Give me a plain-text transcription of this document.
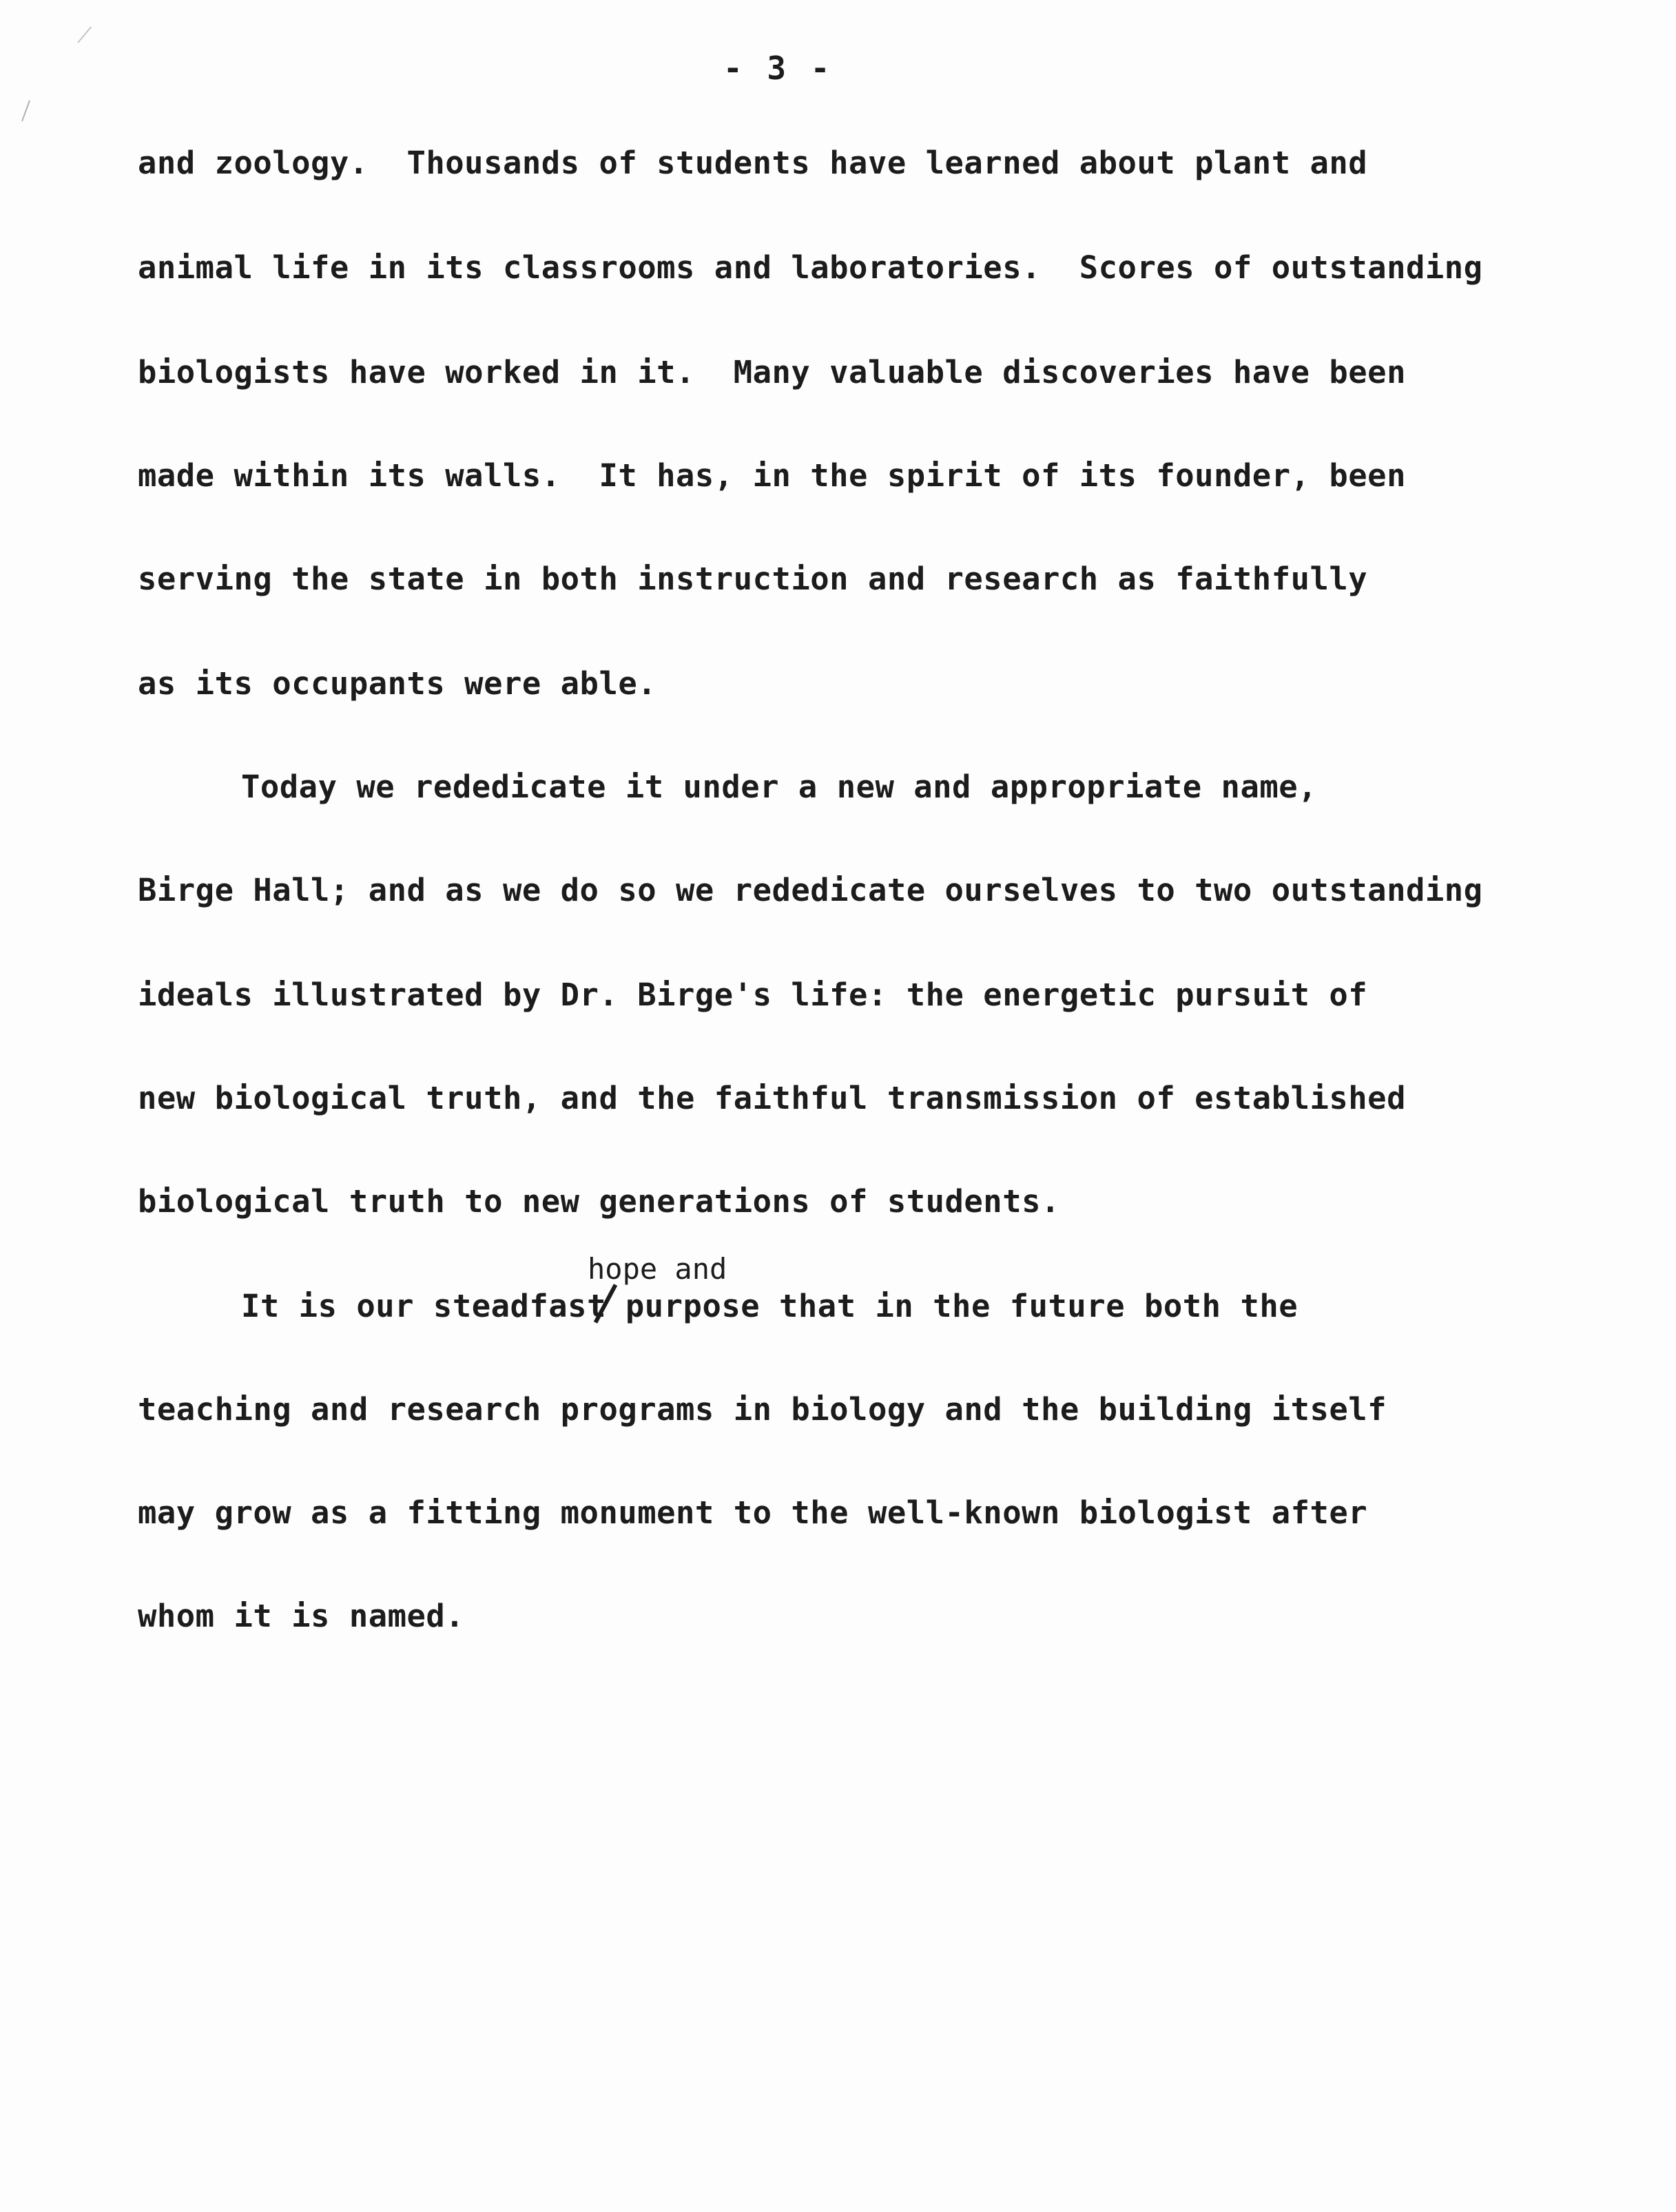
- 3 -
and zoology.  Thousands of students have learned about plant and
animal life in its classrooms and laboratories.  Scores of outstanding
biologists have worked in it.  Many valuable discoveries have been
made within its walls.  It has, in the spirit of its founder, been
serving the state in both instruction and research as faithfully
as its occupants were able.
Today we rededicate it under a new and appropriate name,
Birge Hall; and as we do so we rededicate ourselves to two outstanding
ideals illustrated by Dr. Birge's life: the energetic pursuit of
new biological truth, and the faithful transmission of established
biological truth to new generations of students.
hope and
It is our steadfast purpose that in the future both the
teaching and research programs in biology and the building itself
may grow as a fitting monument to the well-known biologist after
whom it is named.
